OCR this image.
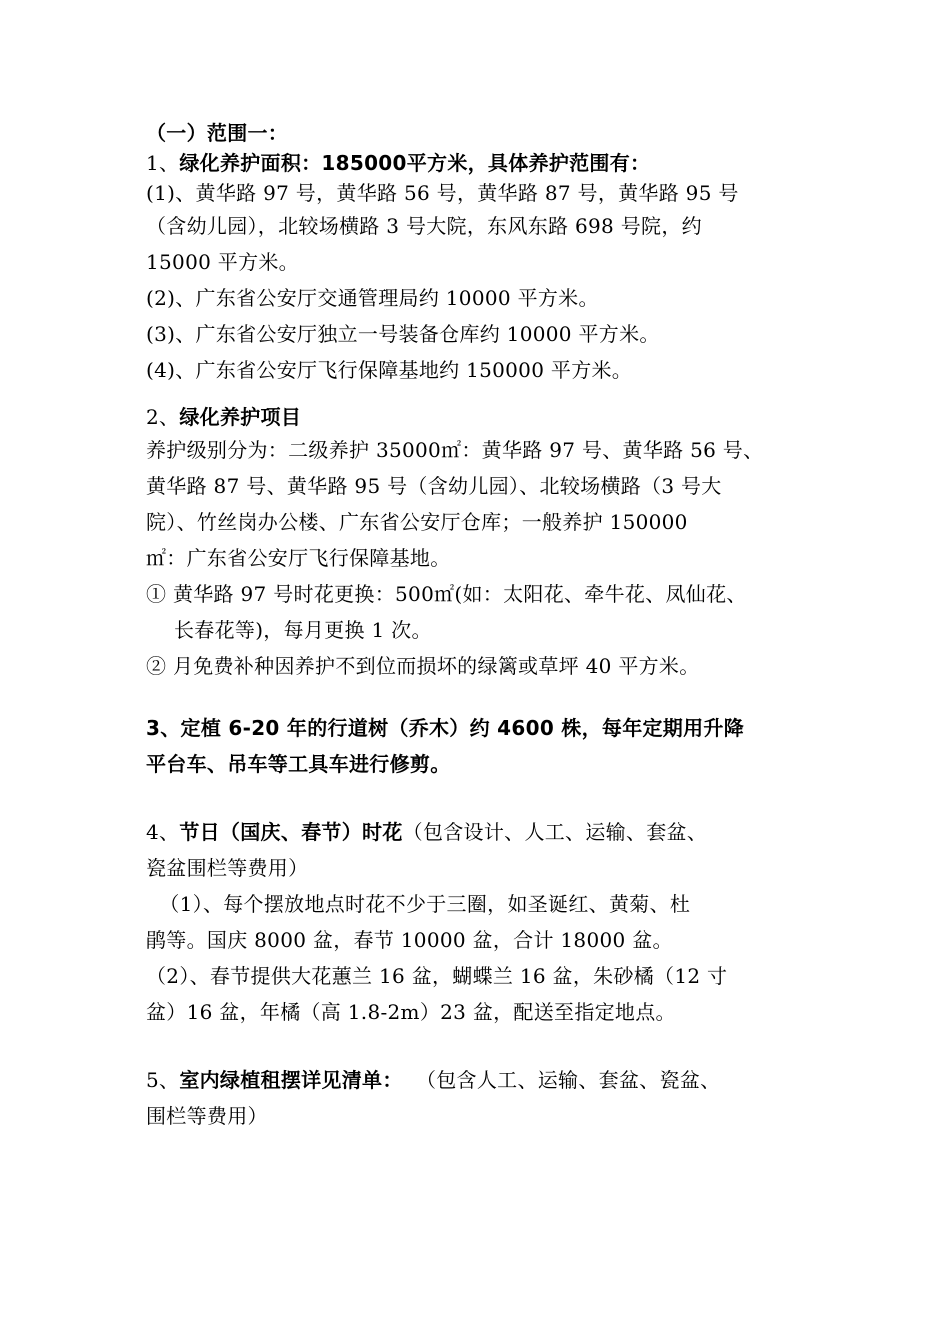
（一）范围一：
1、绿化养护面积：185000平方米，具体养护范围有：
(1)、黄华路 97 号，黄华路 56 号，黄华路 87 号，黄华路 95 号
（含幼儿园），北较场横路 3 号大院，东风东路 698 号院，约
15000 平方米。
(2)、广东省公安厅交通管理局约 10000 平方米。
(3)、广东省公安厅独立一号装备仓库约 10000 平方米。
(4)、广东省公安厅飞行保障基地约 150000 平方米。
2、绿化养护项目
养护级别分为：二级养护 35000㎡：黄华路 97 号、黄华路 56 号、
黄华路 87 号、黄华路 95 号（含幼儿园）、北较场横路（3 号大
院）、竹丝岗办公楼、广东省公安厅仓库；一般养护 150000
㎡：广东省公安厅飞行保障基地。
① 黄华路 97 号时花更换：500㎡(如：太阳花、牵牛花、凤仙花、
长春花等)，每月更换 1 次。
② 月免费补种因养护不到位而损坏的绿篱或草坪 40 平方米。
3、定植 6-20 年的行道树（乔木）约 4600 株，每年定期用升降
平台车、吊车等工具车进行修剪。
4、节日（国庆、春节）时花（包含设计、人工、运输、套盆、
瓷盆围栏等费用）
（1）、每个摆放地点时花不少于三圈，如圣诞红、黄菊、杜
鹃等。国庆 8000 盆，春节 10000 盆，合计 18000 盆。
（2）、春节提供大花蕙兰 16 盆，蝴蝶兰 16 盆，朱砂橘（12 寸
盆）16 盆，年橘（高 1.8-2m）23 盆，配送至指定地点。
5、室内绿植租摆详见清单：  （包含人工、运输、套盆、瓷盆、
围栏等费用）
